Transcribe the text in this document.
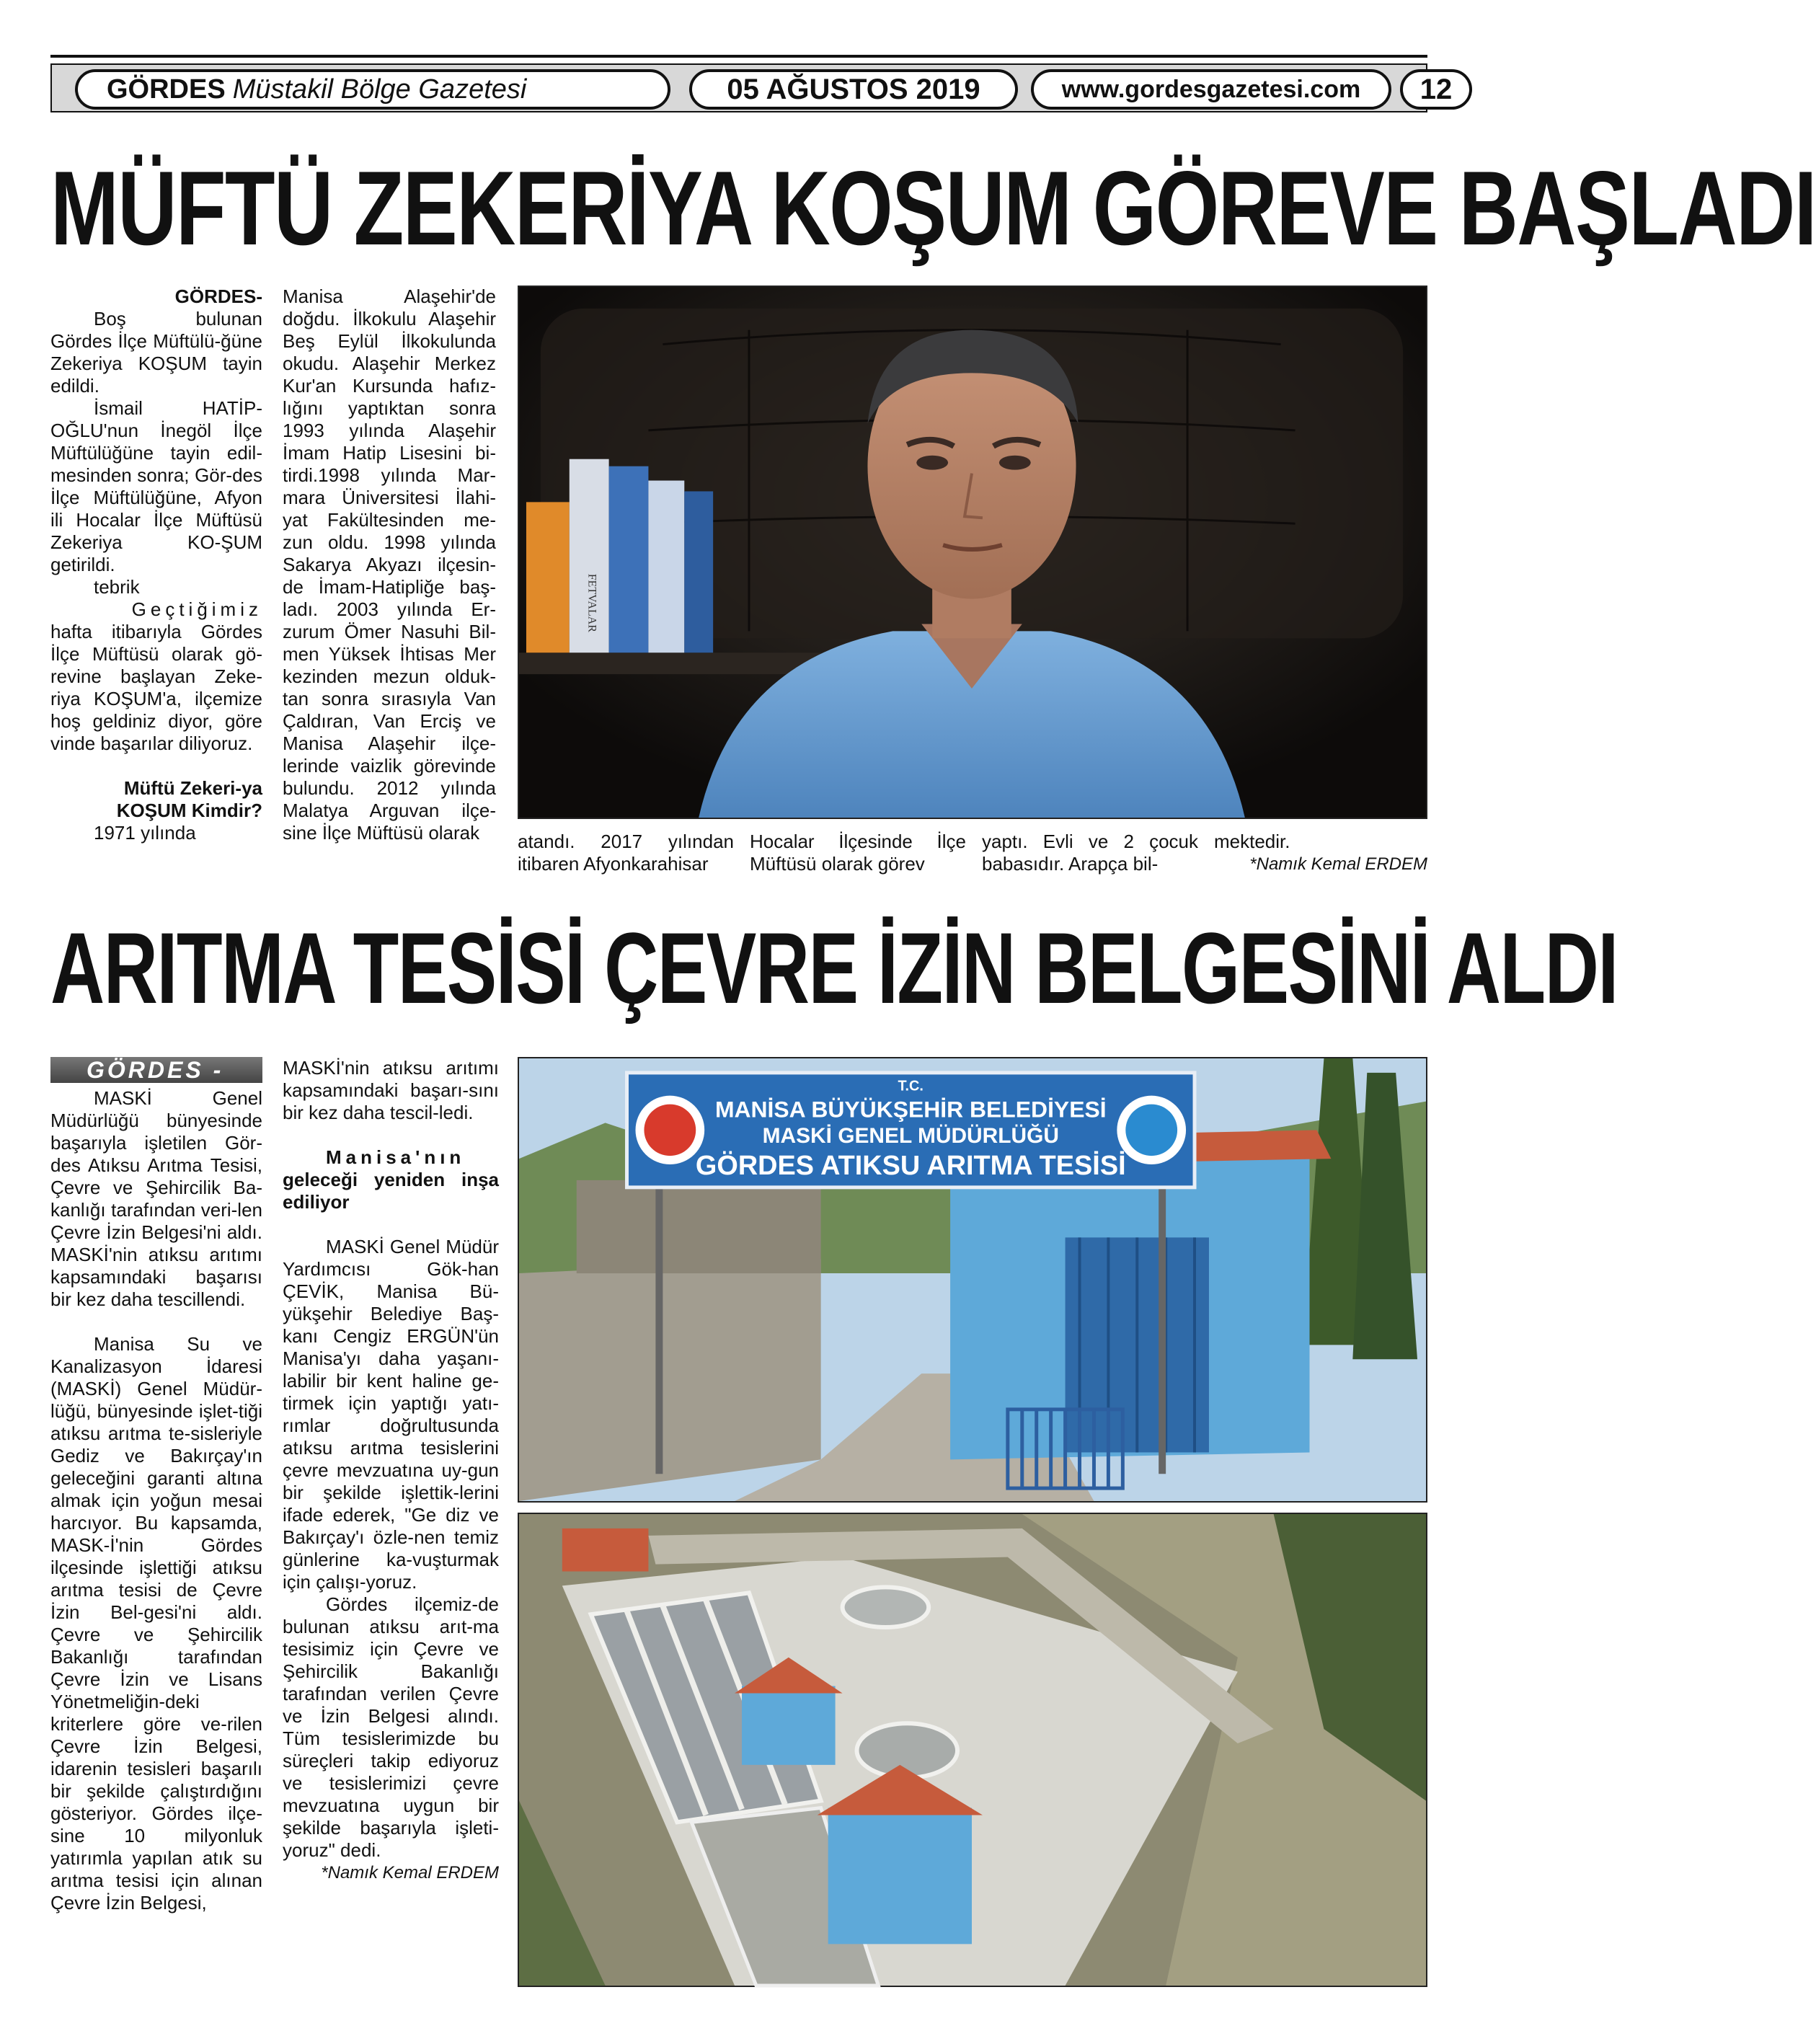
GÖRDES Müstakil Bölge Gazetesi	05 AĞUSTOS 2019	www.gordesgazetesi.com	12
MÜFTÜ ZEKERİYA KOŞUM GÖREVE BAŞLADI

GÖRDES-

Boş bulunan Gördes İlçe Müftülü-ğüne Zekeriya KOŞUM tayin edildi.

İsmail HATİP-OĞLU'nun İnegöl İlçe Müftülüğüne tayin edil-mesinden sonra; Gör-des İlçe Müftülüğüne, Afyon ili Hocalar İlçe Müftüsü Zekeriya KO-ŞUM getirildi.

tebrik

Geçtiğimiz

hafta itibarıyla Gördes İlçe Müftüsü olarak gö-revine başlayan Zeke-riya KOŞUM'a, ilçemize hoş geldiniz diyor, göre vinde başarılar diliyoruz.

Müftü Zekeri-ya KOŞUM Kimdir?

1971 yılında

Manisa Alaşehir'de doğdu. İlkokulu Alaşehir Beş Eylül İlkokulunda okudu. Alaşehir Merkez Kur'an Kursunda hafız-lığını yaptıktan sonra 1993 yılında Alaşehir İmam Hatip Lisesini bi-tirdi.1998 yılında Mar-mara Üniversitesi İlahi-yat Fakültesinden me-zun oldu. 1998 yılında Sakarya Akyazı ilçesin-de İmam-Hatipliğe baş-ladı. 2003 yılında Er-zurum Ömer Nasuhi Bil-men Yüksek İhtisas Mer kezinden mezun olduk-tan sonra sırasıyla Van Çaldıran, Van Erciş ve Manisa Alaşehir ilçe-lerinde vaizlik görevinde bulundu. 2012 yılında Malatya Arguvan ilçe-sine İlçe Müftüsü olarak

FETVALAR
atandı. 2017 yılından itibaren Afyonkarahisar
Hocalar İlçesinde İlçe Müftüsü olarak görev
yaptı. Evli ve 2 çocuk babasıdır. Arapça bil-
mektedir.
*Namık Kemal ERDEM
ARITMA TESİSİ ÇEVRE İZİN BELGESİNİ ALDI
GÖRDES -

MASKİ Genel Müdürlüğü bünyesinde başarıyla işletilen Gör-des Atıksu Arıtma Tesisi, Çevre ve Şehircilik Ba-kanlığı tarafından veri-len Çevre İzin Belgesi'ni aldı. MASKİ'nin atıksu arıtımı kapsamındaki başarısı bir kez daha tescillendi.

Manisa Su ve Kanalizasyon İdaresi (MASKİ) Genel Müdür-lüğü, bünyesinde işlet-tiği atıksu arıtma te-sisleriyle Gediz ve Bakırçay'ın geleceğini garanti altına almak için yoğun mesai harcıyor. Bu kapsamda, MASK-İ'nin Gördes ilçesinde işlettiği atıksu arıtma tesisi de Çevre İzin Bel-gesi'ni aldı. Çevre ve Şehircilik Bakanlığı tarafından Çevre İzin ve Lisans Yönetmeliğin-deki kriterlere göre ve-rilen Çevre İzin Belgesi, idarenin tesisleri başarılı bir şekilde çalıştırdığını gösteriyor. Gördes ilçe-sine 10 milyonluk yatırımla yapılan atık su arıtma tesisi için alınan Çevre İzin Belgesi,

MASKİ'nin atıksu arıtımı kapsamındaki başarı-sını bir kez daha tescil-ledi.

Manisa'nın

geleceği yeniden inşa ediliyor

MASKİ Genel Müdür Yardımcısı Gök-han ÇEVİK, Manisa Bü-yükşehir Belediye Baş-kanı Cengiz ERGÜN'ün Manisa'yı daha yaşanı-labilir bir kent haline ge-tirmek için yaptığı yatı-rımlar doğrultusunda atıksu arıtma tesislerini çevre mevzuatına uy-gun bir şekilde işlettik-lerini ifade ederek, "Ge diz ve Bakırçay'ı özle-nen temiz günlerine ka-vuşturmak için çalışı-yoruz.

Gördes ilçemiz-de bulunan atıksu arıt-ma tesisimiz için Çevre ve Şehircilik Bakanlığı tarafından verilen Çevre ve İzin Belgesi alındı. Tüm tesislerimizde bu süreçleri takip ediyoruz ve tesislerimizi çevre mevzuatına uygun bir şekilde başarıyla işleti-yoruz" dedi.

*Namık Kemal ERDEM

T.C.
MANİSA BÜYÜKŞEHİR BELEDİYESİ
MASKİ GENEL MÜDÜRLÜĞÜ
GÖRDES ATIKSU ARITMA TESİSİ
